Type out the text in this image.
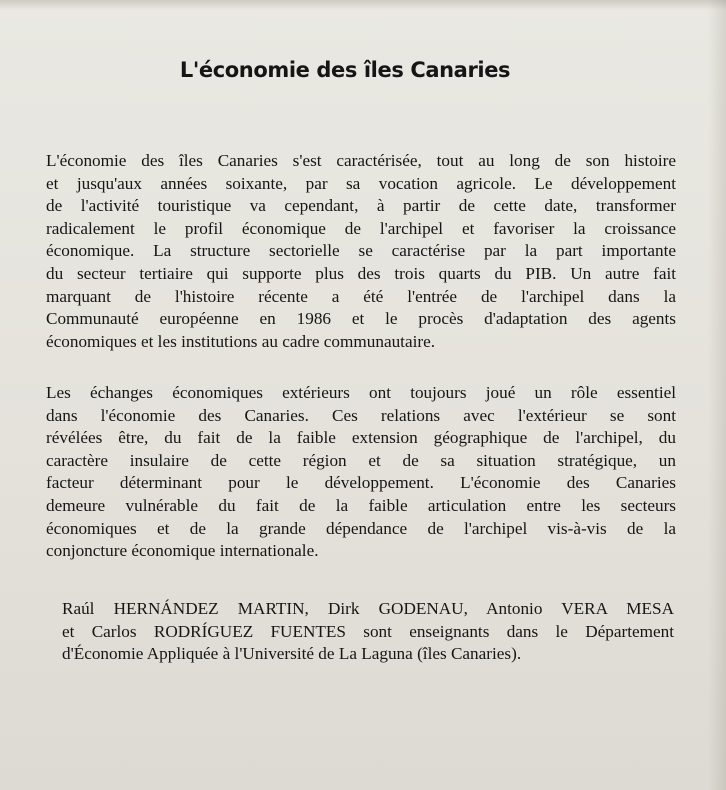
L'économie des îles Canaries
L'économie des îles Canaries s'est caractérisée, tout au long de son histoire
et jusqu'aux années soixante, par sa vocation agricole. Le développement
de l'activité touristique va cependant, à partir de cette date, transformer
radicalement le profil économique de l'archipel et favoriser la croissance
économique. La structure sectorielle se caractérise par la part importante
du secteur tertiaire qui supporte plus des trois quarts du PIB. Un autre fait
marquant de l'histoire récente a été l'entrée de l'archipel dans la
Communauté européenne en 1986 et le procès d'adaptation des agents
économiques et les institutions au cadre communautaire.
Les échanges économiques extérieurs ont toujours joué un rôle essentiel
dans l'économie des Canaries. Ces relations avec l'extérieur se sont
révélées être, du fait de la faible extension géographique de l'archipel, du
caractère insulaire de cette région et de sa situation stratégique, un
facteur déterminant pour le développement. L'économie des Canaries
demeure vulnérable du fait de la faible articulation entre les secteurs
économiques et de la grande dépendance de l'archipel vis-à-vis de la
conjoncture économique internationale.
Raúl HERNÁNDEZ MARTIN, Dirk GODENAU, Antonio VERA MESA
et Carlos RODRÍGUEZ FUENTES sont enseignants dans le Département
d'Économie Appliquée à l'Université de La Laguna (îles Canaries).
